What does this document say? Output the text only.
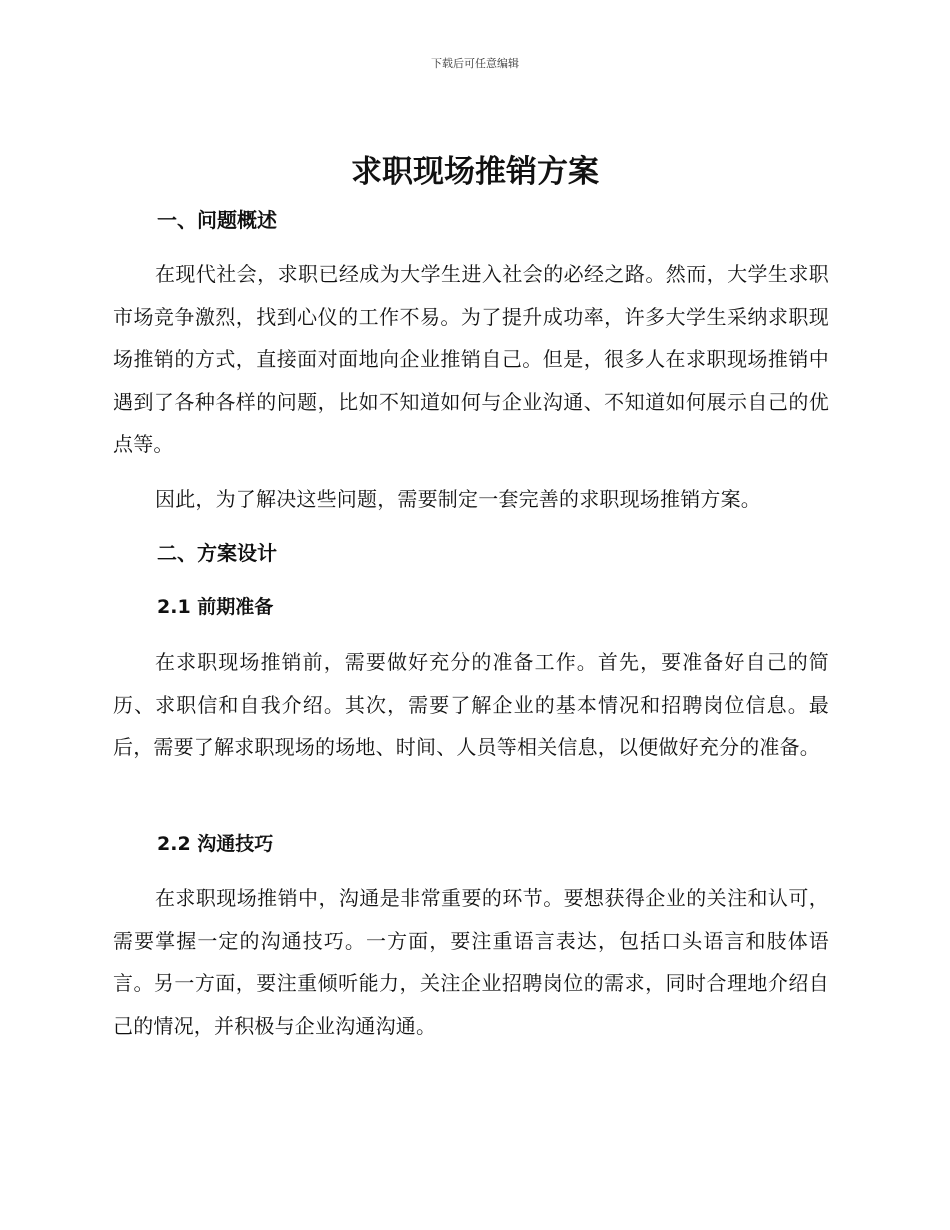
下载后可任意编辑
求职现场推销方案
一、问题概述

在现代社会，求职已经成为大学生进入社会的必经之路。然而，大学生求职市场竞争激烈，找到心仪的工作不易。为了提升成功率，许多大学生采纳求职现场推销的方式，直接面对面地向企业推销自己。但是，很多人在求职现场推销中遇到了各种各样的问题，比如不知道如何与企业沟通、不知道如何展示自己的优点等。

因此，为了解决这些问题，需要制定一套完善的求职现场推销方案。

二、方案设计
2.1 前期准备

在求职现场推销前，需要做好充分的准备工作。首先，要准备好自己的简历、求职信和自我介绍。其次，需要了解企业的基本情况和招聘岗位信息。最后，需要了解求职现场的场地、时间、人员等相关信息，以便做好充分的准备。

2.2 沟通技巧

在求职现场推销中，沟通是非常重要的环节。要想获得企业的关注和认可，需要掌握一定的沟通技巧。一方面，要注重语言表达，包括口头语言和肢体语言。另一方面，要注重倾听能力，关注企业招聘岗位的需求，同时合理地介绍自己的情况，并积极与企业沟通沟通。
